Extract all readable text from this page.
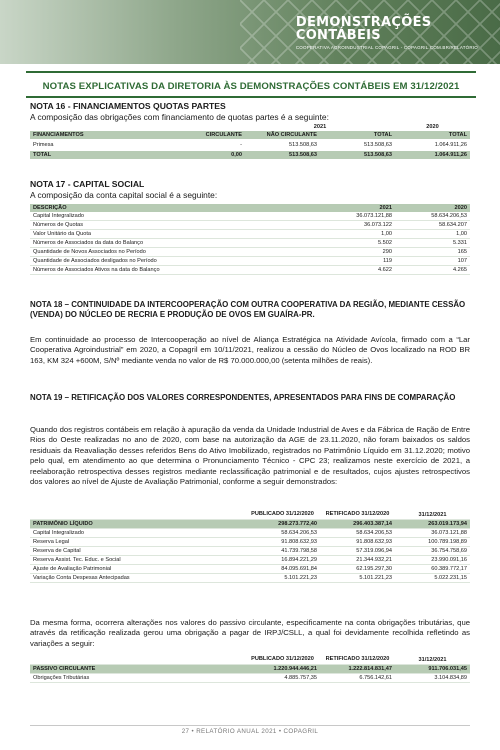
DEMONSTRAÇÕES
CONTÁBEIS
COOPERATIVA AGROINDUSTRIAL COPAGRIL - COPAGRIL.COM.BR/RELATÓRIO
NOTAS EXPLICATIVAS DA DIRETORIA ÀS DEMONSTRAÇÕES CONTÁBEIS EM 31/12/2021
NOTA 16 - FINANCIAMENTOS QUOTAS PARTES
A composição das obrigações com financiamento de quotas partes é a seguinte:
		2021		2020
FINANCIAMENTOS	CIRCULANTE	NÃO CIRCULANTE	TOTAL	TOTAL
Primesa	-	513.508,63	513.508,63	1.064.911,26
TOTAL	0,00	513.508,63	513.508,63	1.064.911,26
NOTA 17 - CAPITAL SOCIAL
A composição da conta capital social é a seguinte:
DESCRIÇÃO	2021	2020
Capital Integralizado	36.073.121,88	58.634.206,53
Números de Quotas	36.073.122	58.634.207
Valor Unitário da Quota	1,00	1,00
Números de Associados da data do Balanço	5.502	5.331
Quantidade de Novos Associados no Período	290	165
Quantidade de Associados desligados no Período	119	107
Números de Associados Ativos na data do Balanço	4.622	4.265
NOTA 18 – CONTINUIDADE DA INTERCOOPERAÇÃO COM OUTRA COOPERATIVA DA REGIÃO, MEDIANTE CESSÃO (VENDA) DO NÚCLEO DE RECRIA E PRODUÇÃO DE OVOS EM GUAÍRA-PR.
Em continuidade ao processo de Intercooperação ao nível de Aliança Estratégica na Atividade Avícola, firmado com a “Lar Cooperativa Agroindustrial” em 2020, a Copagril em 10/11/2021, realizou a cessão do Núcleo de Ovos localizado na ROD BR 163, KM 324 +600M, S/Nº mediante venda no valor de R$ 70.000.000,00 (setenta milhões de reais).
NOTA 19 – RETIFICAÇÃO DOS VALORES CORRESPONDENTES, APRESENTADOS PARA FINS DE COMPARAÇÃO
Quando dos registros contábeis em relação à apuração da venda da Unidade Industrial de Aves e da Fábrica de Ração de Entre Rios do Oeste realizadas no ano de 2020, com base na autorização da AGE de 23.11.2020, não foram baixados os saldos residuais da Reavaliação desses referidos Bens do Ativo Imobilizado, registrados no Patrimônio Líquido em 31.12.2020; motivo pelo qual, em atendimento ao que determina o Pronunciamento Técnico - CPC 23; realizamos neste exercício de 2021, a reelaboração retrospectiva desses registros mediante reclassificação patrimonial e de resultados, cujos ajustes retrospectivos dos valores ao nível de Ajuste de Avaliação Patrimonial, conforme a seguir demonstrados:
	PUBLICADO 31/12/2020	RETIFICADO 31/12/2020	31/12/2021
PATRIMÔNIO LÍQUIDO	298.273.772,40	296.403.387,14	263.019.173,94
Capital Integralizado	58.634.206,53	58.634.206,53	36.073.121,88
Reserva Legal	91.808.632,93	91.808.632,93	100.789.198,89
Reserva de Capital	41.739.798,58	57.319.096,94	36.754.758,69
Reserva Assist. Tec. Educ. e Social	16.894.221,29	21.344.932,21	23.990.091,16
Ajuste de Avaliação Patrimonial	84.095.691,84	62.195.297,30	60.389.772,17
Variação Conta Despesas Antecipadas	5.101.221,23	5.101.221,23	5.022.231,15
Da mesma forma, ocorrera alterações nos valores do passivo circulante, especificamente na conta obrigações tributárias, que através da retificação realizada gerou uma obrigação a pagar de IRPJ/CSLL, a qual foi devidamente recolhida refletindo as variações a seguir:
	PUBLICADO 31/12/2020	RETIFICADO 31/12/2020	31/12/2021
PASSIVO CIRCULANTE	1.220.944.446,21	1.222.814.831,47	911.706.031,45
Obrigações Tributárias	4.885.757,35	6.756.142,61	3.104.834,89
27 • RELATÓRIO ANUAL 2021 • COPAGRIL
